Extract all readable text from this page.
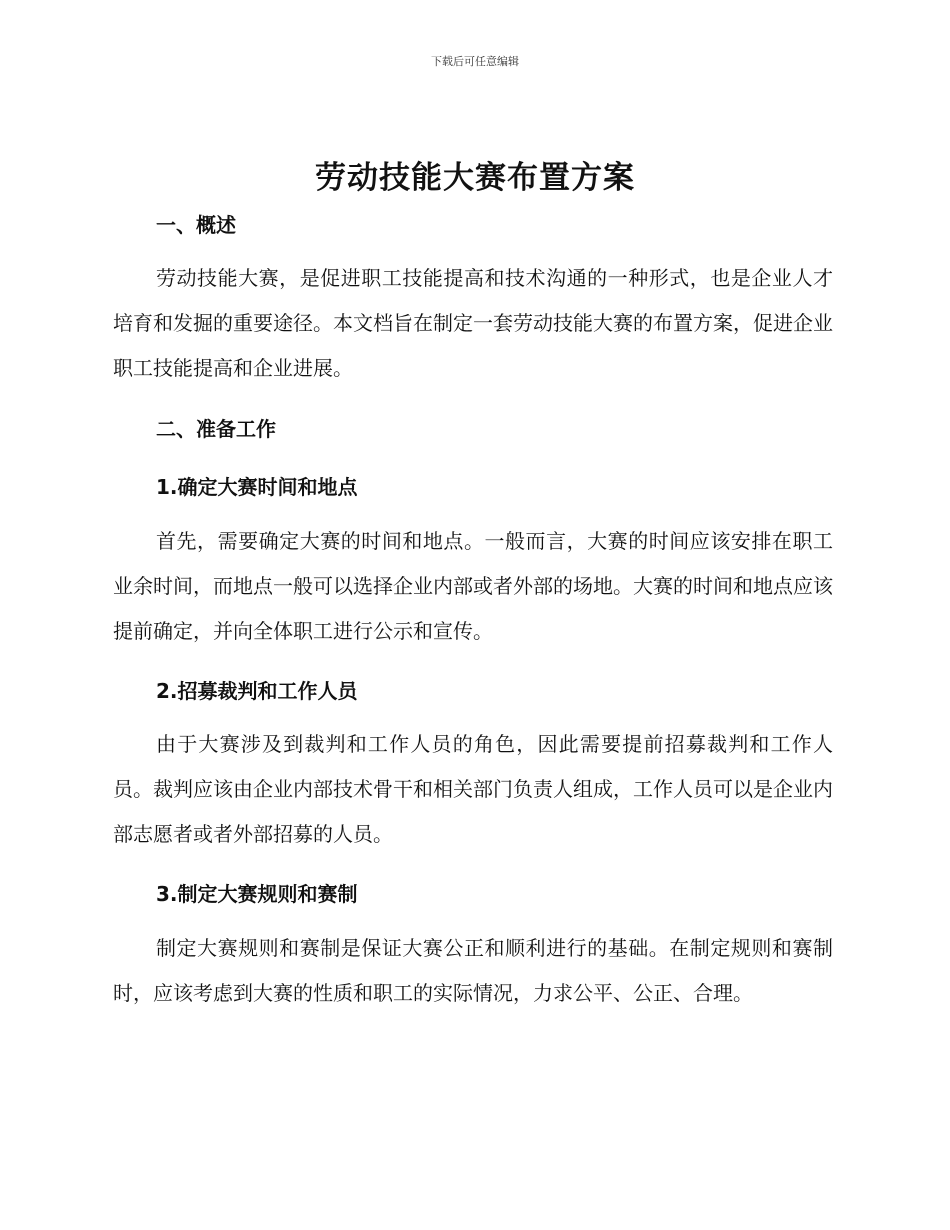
下载后可任意编辑
劳动技能大赛布置方案
一、概述

劳动技能大赛，是促进职工技能提高和技术沟通的一种形式，也是企业人才培育和发掘的重要途径。本文档旨在制定一套劳动技能大赛的布置方案，促进企业职工技能提高和企业进展。

二、准备工作
1.确定大赛时间和地点

首先，需要确定大赛的时间和地点。一般而言，大赛的时间应该安排在职工业余时间，而地点一般可以选择企业内部或者外部的场地。大赛的时间和地点应该提前确定，并向全体职工进行公示和宣传。

2.招募裁判和工作人员

由于大赛涉及到裁判和工作人员的角色，因此需要提前招募裁判和工作人员。裁判应该由企业内部技术骨干和相关部门负责人组成，工作人员可以是企业内部志愿者或者外部招募的人员。

3.制定大赛规则和赛制

制定大赛规则和赛制是保证大赛公正和顺利进行的基础。在制定规则和赛制时，应该考虑到大赛的性质和职工的实际情况，力求公平、公正、合理。
